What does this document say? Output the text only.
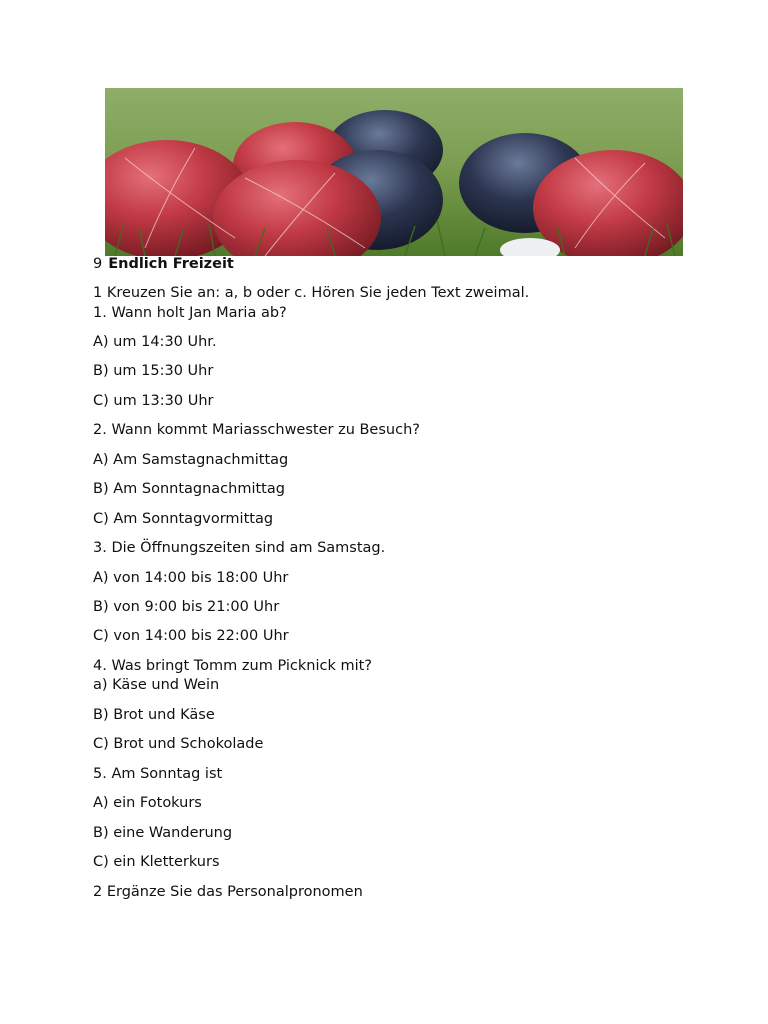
9 Endlich Freizeit
1 Kreuzen Sie an: a, b oder c. Hören Sie jeden Text zweimal.
1. Wann holt Jan Maria ab?
A) um 14:30 Uhr.
B) um 15:30 Uhr
C) um 13:30 Uhr
2. Wann kommt Mariasschwester zu Besuch?
A) Am Samstagnachmittag
B) Am Sonntagnachmittag
C) Am Sonntagvormittag
3. Die Öffnungszeiten sind am Samstag.
A) von 14:00 bis 18:00 Uhr
B) von 9:00 bis 21:00 Uhr
C) von 14:00 bis 22:00 Uhr
4. Was bringt Tomm zum Picknick mit?
a) Käse und Wein
B) Brot und Käse
C) Brot und Schokolade
5. Am Sonntag ist
A) ein Fotokurs
B) eine Wanderung
C) ein Kletterkurs
2 Ergänze Sie das Personalpronomen
